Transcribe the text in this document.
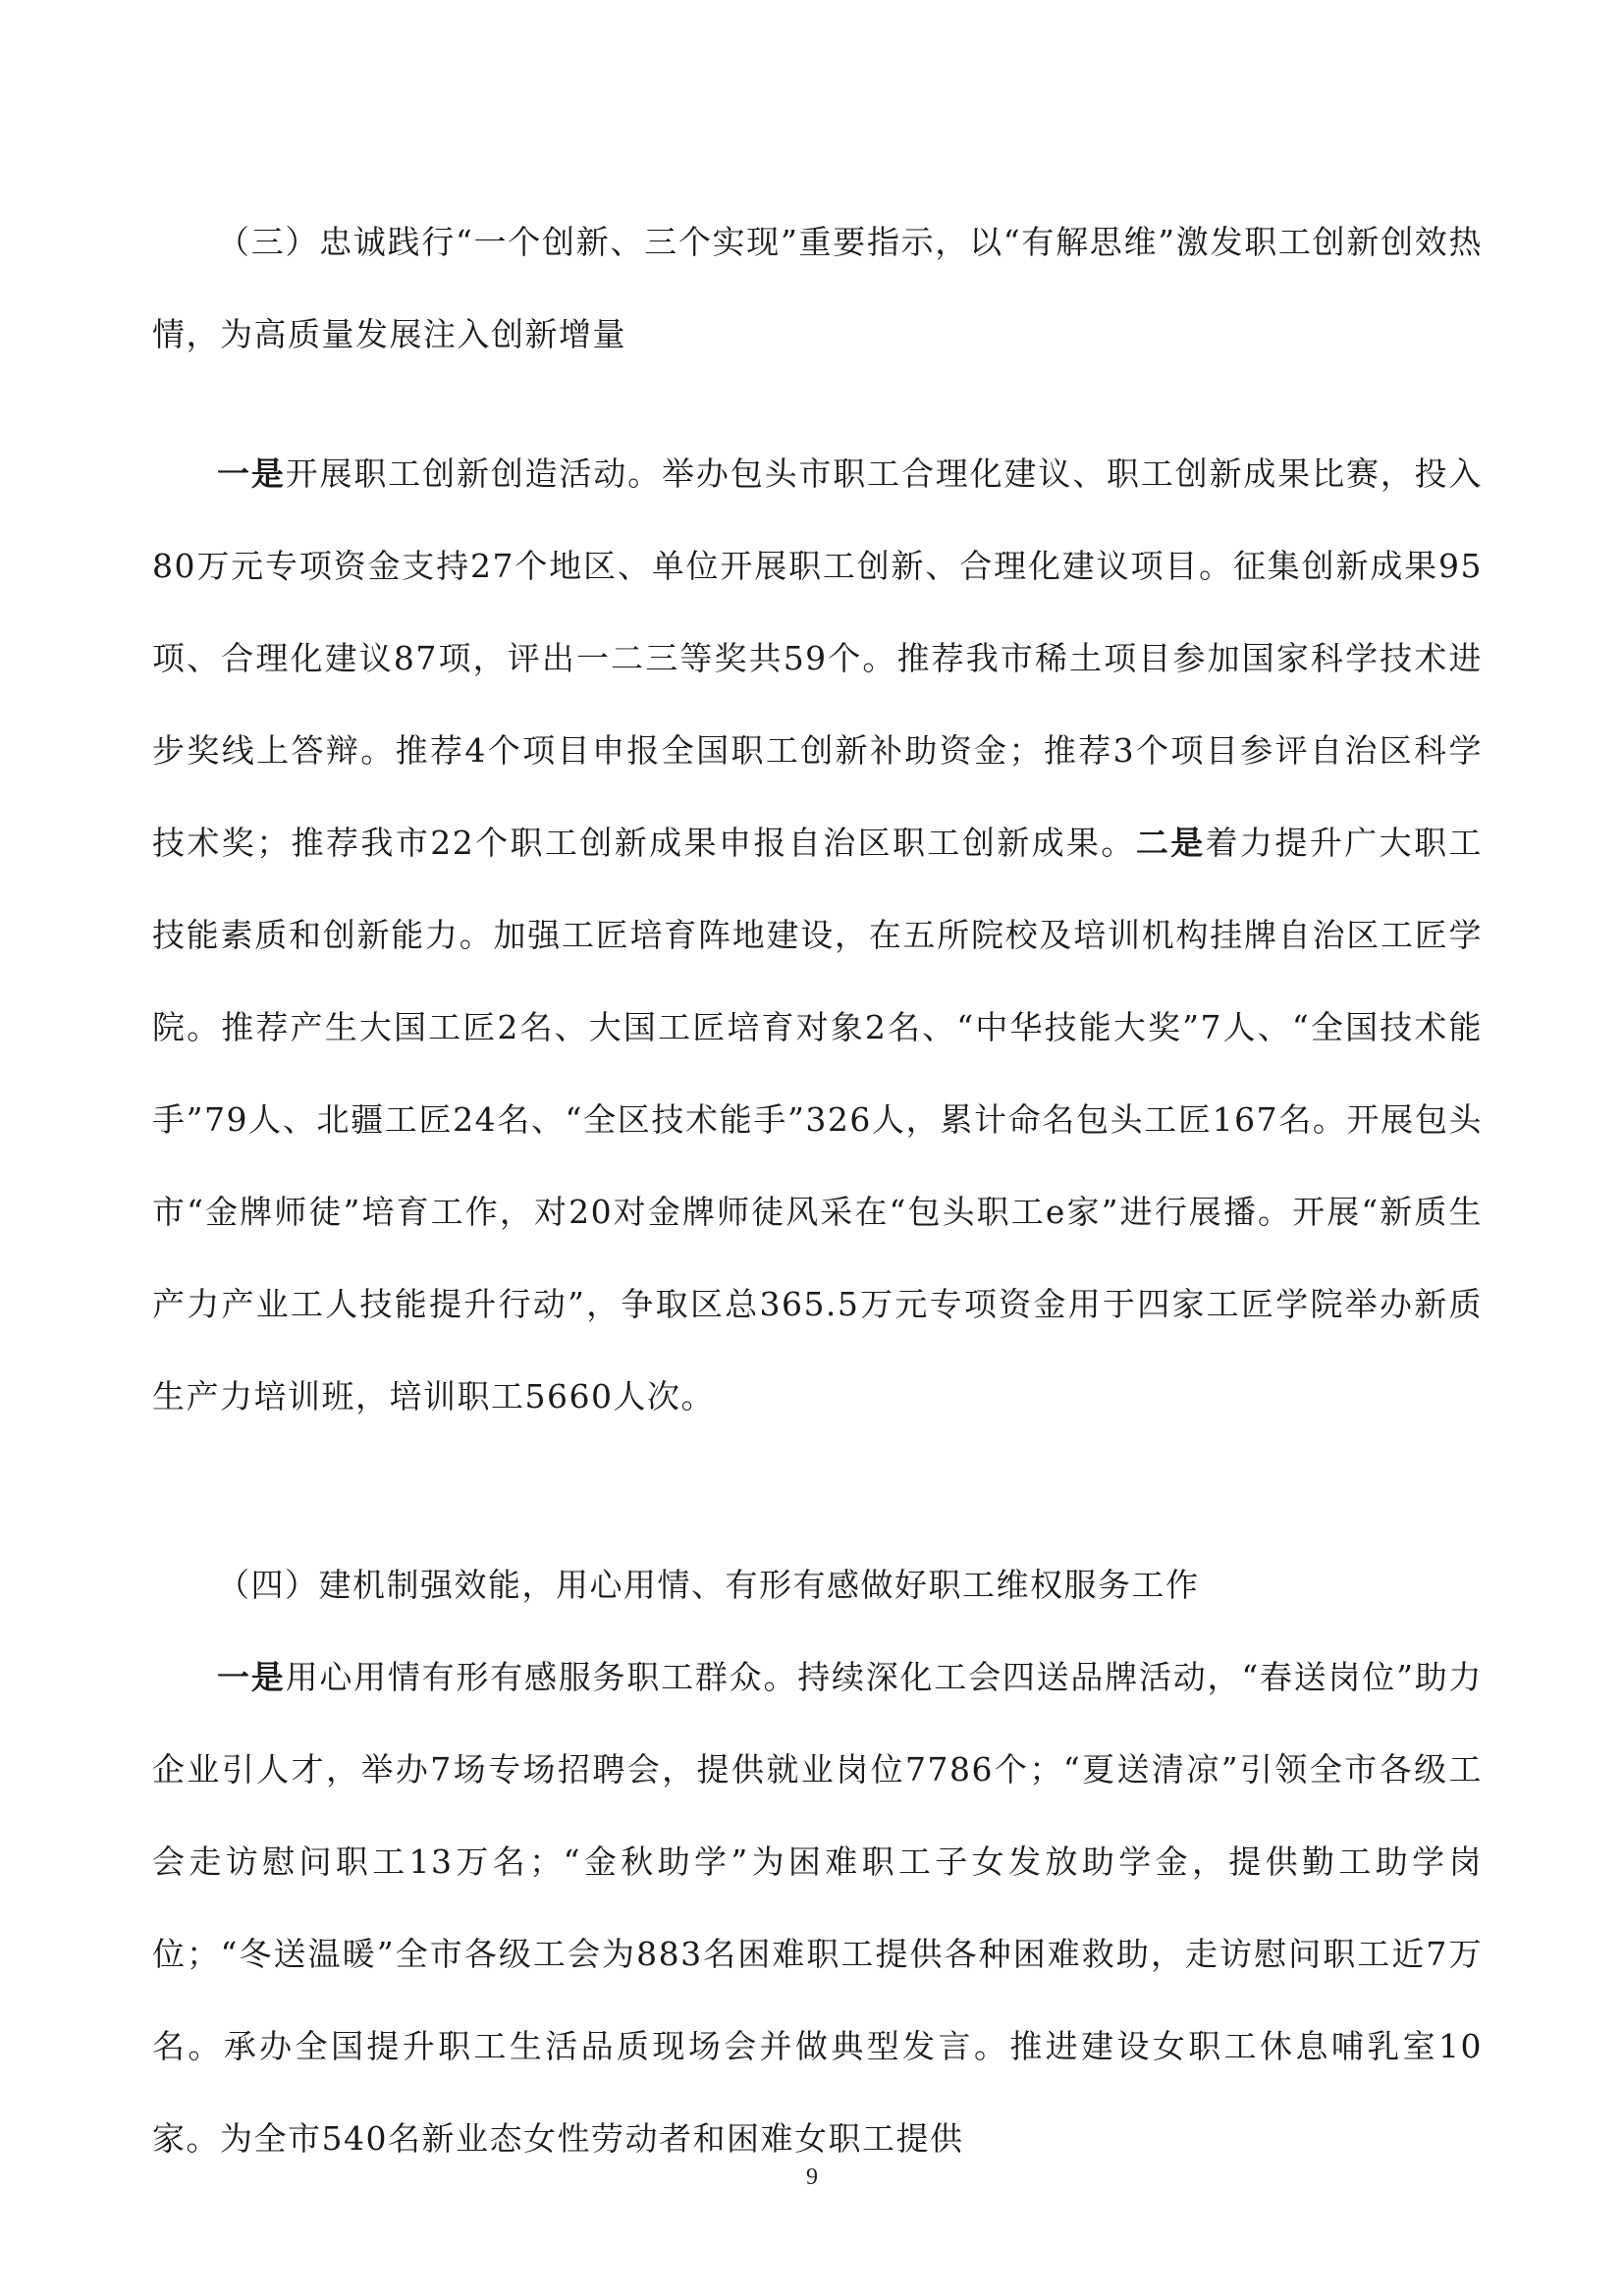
（三）忠诚践行“一个创新、三个实现”重要指示，以“有解思维”激发职工创新创效热情，为高质量发展注入创新增量

一是开展职工创新创造活动。举办包头市职工合理化建议、职工创新成果比赛，投入80万元专项资金支持27个地区、单位开展职工创新、合理化建议项目。征集创新成果95项、合理化建议87项，评出一二三等奖共59个。推荐我市稀土项目参加国家科学技术进步奖线上答辩。推荐4个项目申报全国职工创新补助资金；推荐3个项目参评自治区科学技术奖；推荐我市22个职工创新成果申报自治区职工创新成果。二是着力提升广大职工技能素质和创新能力。加强工匠培育阵地建设，在五所院校及培训机构挂牌自治区工匠学院。推荐产生大国工匠2名、大国工匠培育对象2名、“中华技能大奖”7人、“全国技术能手”79人、北疆工匠24名、“全区技术能手”326人，累计命名包头工匠167名。开展包头市“金牌师徒”培育工作，对20对金牌师徒风采在“包头职工e家”进行展播。开展“新质生产力产业工人技能提升行动”，争取区总365.5万元专项资金用于四家工匠学院举办新质生产力培训班，培训职工5660人次。

（四）建机制强效能，用心用情、有形有感做好职工维权服务工作

一是用心用情有形有感服务职工群众。持续深化工会四送品牌活动，“春送岗位”助力企业引人才，举办7场专场招聘会，提供就业岗位7786个；“夏送清凉”引领全市各级工会走访慰问职工13万名；“金秋助学”为困难职工子女发放助学金，提供勤工助学岗位；“冬送温暖”全市各级工会为883名困难职工提供各种困难救助，走访慰问职工近7万名。承办全国提升职工生活品质现场会并做典型发言。推进建设女职工休息哺乳室10家。为全市540名新业态女性劳动者和困难女职工提供

9
